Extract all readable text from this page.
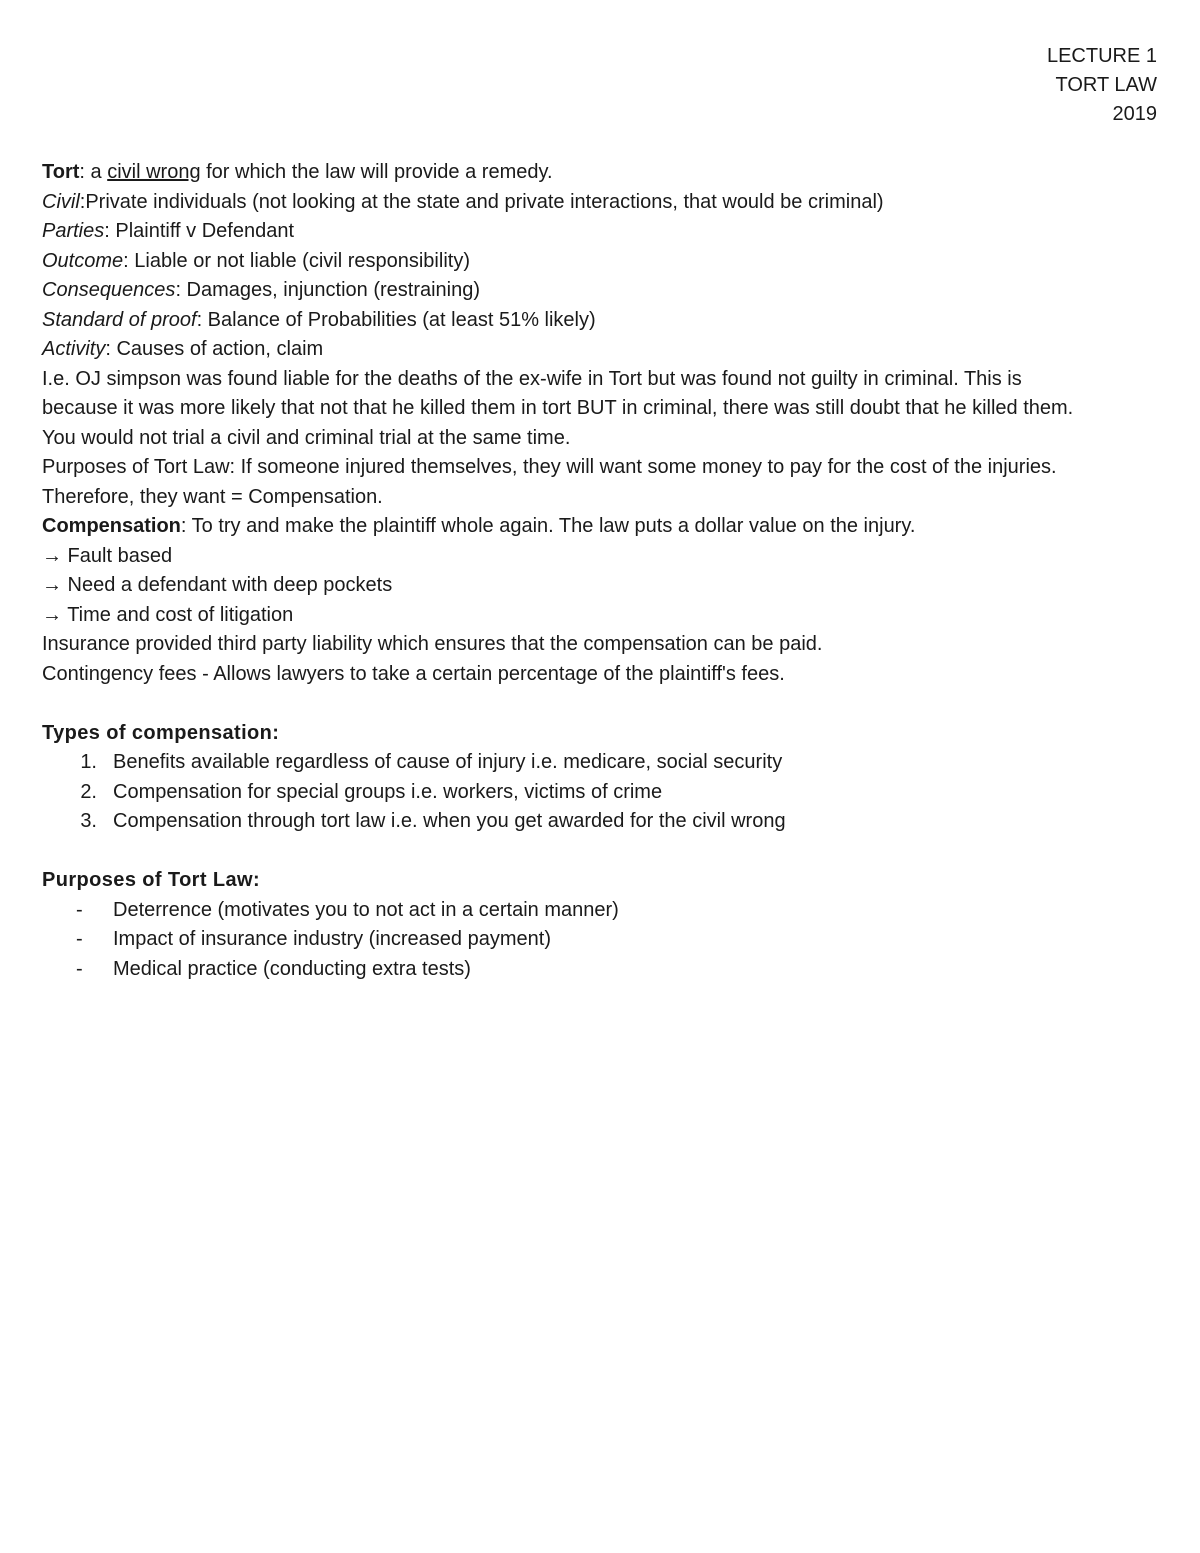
LECTURE 1
TORT LAW
2019
Tort: a civil wrong for which the law will provide a remedy.
Civil:Private individuals (not looking at the state and private interactions, that would be criminal)
Parties: Plaintiff v Defendant
Outcome: Liable or not liable (civil responsibility)
Consequences: Damages, injunction (restraining)
Standard of proof: Balance of Probabilities (at least 51% likely)
Activity: Causes of action, claim
I.e. OJ simpson was found liable for the deaths of the ex-wife in Tort but was found not guilty in criminal. This is
because it was more likely that not that he killed them in tort BUT in criminal, there was still doubt that he killed them.
You would not trial a civil and criminal trial at the same time.
Purposes of Tort Law: If someone injured themselves, they will want some money to pay for the cost of the injuries.
Therefore, they want = Compensation.
Compensation: To try and make the plaintiff whole again. The law puts a dollar value on the injury.
→ Fault based
→ Need a defendant with deep pockets
→ Time and cost of litigation
Insurance provided third party liability which ensures that the compensation can be paid.
Contingency fees - Allows lawyers to take a certain percentage of the plaintiff's fees.
Types of compensation:
1. Benefits available regardless of cause of injury i.e. medicare, social security
2. Compensation for special groups i.e. workers, victims of crime
3. Compensation through tort law i.e. when you get awarded for the civil wrong
Purposes of Tort Law:
-	Deterrence (motivates you to not act in a certain manner)
-	Impact of insurance industry (increased payment)
-	Medical practice (conducting extra tests)
